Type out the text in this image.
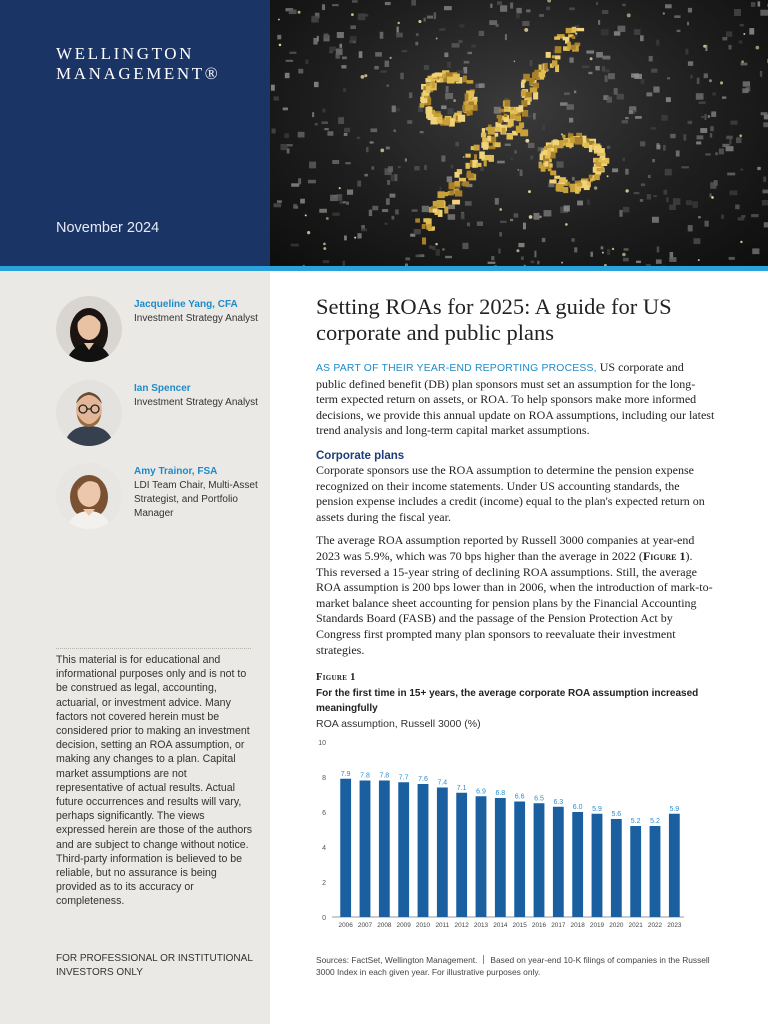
WELLINGTON
MANAGEMENT®
November 2024
Jacqueline Yang, CFA
Investment Strategy Analyst
Ian Spencer
Investment Strategy Analyst
Amy Trainor, FSA
LDI Team Chair, Multi-Asset Strategist, and Portfolio Manager
This material is for educational and informational purposes only and is not to be construed as legal, accounting, actuarial, or investment advice. Many factors not covered herein must be considered prior to making an investment decision, setting an ROA assumption, or making any changes to a plan. Capital market assumptions are not representative of actual results. Actual future occurrences and results will vary, perhaps significantly. The views expressed herein are those of the authors and are subject to change without notice. Third-party information is believed to be reliable, but no assurance is being provided as to its accuracy or completeness.
FOR PROFESSIONAL OR INSTITUTIONAL INVESTORS ONLY
Setting ROAs for 2025: A guide for US corporate and public plans

AS PART OF THEIR YEAR-END REPORTING PROCESS, US corporate and public defined benefit (DB) plan sponsors must set an assumption for the long-term expected return on assets, or ROA. To help sponsors make more informed decisions, we provide this annual update on ROA assumptions, including our latest trend analysis and long-term capital market assumptions.

Corporate plans

Corporate sponsors use the ROA assumption to determine the pension expense recognized on their income statements. Under US accounting standards, the pension expense includes a credit (income) equal to the plan's expected return on assets during the fiscal year.

The average ROA assumption reported by Russell 3000 companies at year-end 2023 was 5.9%, which was 70 bps higher than the average in 2022 (Figure 1). This reversed a 15-year string of declining ROA assumptions. Still, the average ROA assumption is 200 bps lower than in 2006, when the introduction of mark-to-market balance sheet accounting for pension plans by the Financial Accounting Standards Board (FASB) and the passage of the Pension Protection Act by Congress first prompted many plan sponsors to reevaluate their investment strategies.

Figure 1
For the first time in 15+ years, the average corporate ROA assumption increased meaningfully
ROA assumption, Russell 3000 (%)
0
2
4
6
8
10
7.9
2006
7.8
2007
7.8
2008
7.7
2009
7.6
2010
7.4
2011
7.1
2012
6.9
2013
6.8
2014
6.6
2015
6.5
2016
6.3
2017
6.0
2018
5.9
2019
5.6
2020
5.2
2021
5.2
2022
5.9
2023
Sources: FactSet, Wellington Management. Based on year-end 10-K filings of companies in the Russell 3000 Index in each given year. For illustrative purposes only.
